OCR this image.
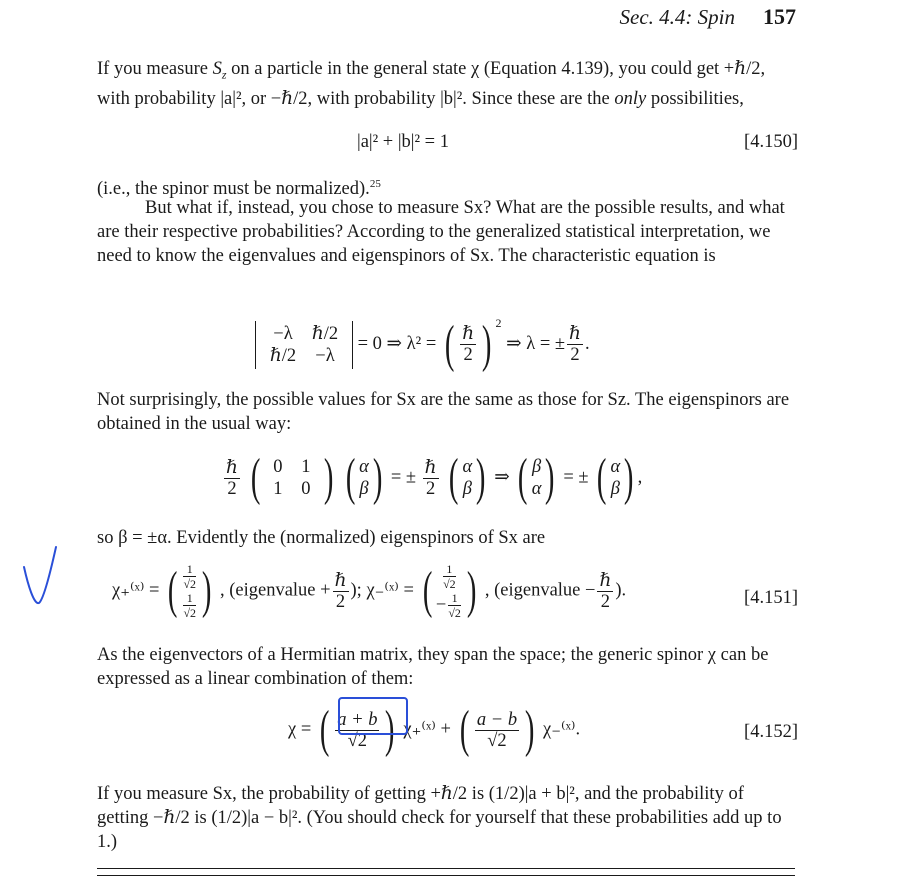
Sec. 4.4: Spin 157
If you measure $S_z$ on a particle in the general state χ (Equation 4.139), you could get +ℏ/2, with probability |a|², or −ℏ/2, with probability |b|². Since these are the only possibilities,
|a|² + |b|² = 1	[4.150]
(i.e., the spinor must be normalized).$^{25}$
But what if, instead, you chose to measure Sx? What are the possible results, and what are their respective probabilities? According to the generalized statistical interpretation, we need to know the eigenvalues and eigenspinors of Sx. The characteristic equation is
−λ	ℏ/2
ℏ/2	−λ
= 0 ⇒ λ² = ( $\frac{\text{ℏ}}{2}$ ) $^2$ ⇒ λ = ± $\frac{\text{ℏ}}{2}$ .
Not surprisingly, the possible values for Sx are the same as those for Sz. The eigenspinors are obtained in the usual way:
$\frac{\text{ℏ}}{2}$
( 0	1
1	0 )
( α
β ) = ± $\frac{\text{ℏ}}{2}$
( α
β ) ⇒ ( β
α ) = ± ( α
β ) ,
so β = ±α. Evidently the (normalized) eigenspinors of Sx are
χ₊⁽ˣ⁾ = ( $\frac{1}{√2}$

$\frac{1}{√2}$ ) , (eigenvalue + $\frac{\text{ℏ}}{2}$ ); χ₋⁽ˣ⁾ = ( $\frac{1}{√2}$

− $\frac{1}{√2}$ ) , (eigenvalue − $\frac{\text{ℏ}}{2}$ ).	[4.151]
As the eigenvectors of a Hermitian matrix, they span the space; the generic spinor χ can be expressed as a linear combination of them:
χ = ( $\frac{a + b}{√2}$ ) χ₊⁽ˣ⁾ + ( $\frac{a - b}{√2}$ ) χ₋⁽ˣ⁾.	[4.152]
If you measure Sx, the probability of getting +ℏ/2 is (1/2)|a + b|², and the probability of getting −ℏ/2 is (1/2)|a − b|². (You should check for yourself that these probabilities add up to 1.)
